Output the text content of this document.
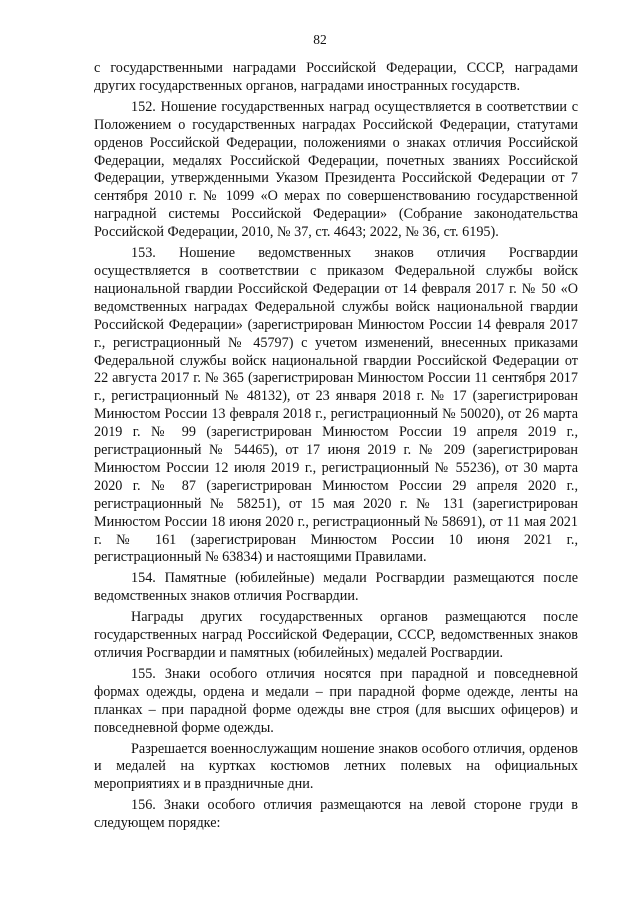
82

с государственными наградами Российской Федерации, СССР, наградами других государственных органов, наградами иностранных государств.

152. Ношение государственных наград осуществляется в соответствии с Положением о государственных наградах Российской Федерации, статутами орденов Российской Федерации, положениями о знаках отличия Российской Федерации, медалях Российской Федерации, почетных званиях Российской Федерации, утвержденными Указом Президента Российской Федерации от 7 сентября 2010 г. № 1099 «О мерах по совершенствованию государственной наградной системы Российской Федерации» (Собрание законодательства Российской Федерации, 2010, № 37, ст. 4643; 2022, № 36, ст. 6195).

153. Ношение ведомственных знаков отличия Росгвардии осуществляется в соответствии с приказом Федеральной службы войск национальной гвардии Российской Федерации от 14 февраля 2017 г. № 50 «О ведомственных наградах Федеральной службы войск национальной гвардии Российской Федерации» (зарегистрирован Минюстом России 14 февраля 2017 г., регистрационный № 45797) с учетом изменений, внесенных приказами Федеральной службы войск национальной гвардии Российской Федерации от 22 августа 2017 г. № 365 (зарегистрирован Минюстом России 11 сентября 2017 г., регистрационный № 48132), от 23 января 2018 г. № 17 (зарегистрирован Минюстом России 13 февраля 2018 г., регистрационный № 50020), от 26 марта 2019 г. № 99 (зарегистрирован Минюстом России 19 апреля 2019 г., регистрационный № 54465), от 17 июня 2019 г. № 209 (зарегистрирован Минюстом России 12 июля 2019 г., регистрационный № 55236), от 30 марта 2020 г. № 87 (зарегистрирован Минюстом России 29 апреля 2020 г., регистрационный № 58251), от 15 мая 2020 г. № 131 (зарегистрирован Минюстом России 18 июня 2020 г., регистрационный № 58691), от 11 мая 2021 г. № 161 (зарегистрирован Минюстом России 10 июня 2021 г., регистрационный № 63834) и настоящими Правилами.

154. Памятные (юбилейные) медали Росгвардии размещаются после ведомственных знаков отличия Росгвардии.

Награды других государственных органов размещаются после государственных наград Российской Федерации, СССР, ведомственных знаков отличия Росгвардии и памятных (юбилейных) медалей Росгвардии.

155. Знаки особого отличия носятся при парадной и повседневной формах одежды, ордена и медали – при парадной форме одежде, ленты на планках – при парадной форме одежды вне строя (для высших офицеров) и повседневной форме одежды.

Разрешается военнослужащим ношение знаков особого отличия, орденов и медалей на куртках костюмов летних полевых на официальных мероприятиях и в праздничные дни.

156. Знаки особого отличия размещаются на левой стороне груди в следующем порядке:
